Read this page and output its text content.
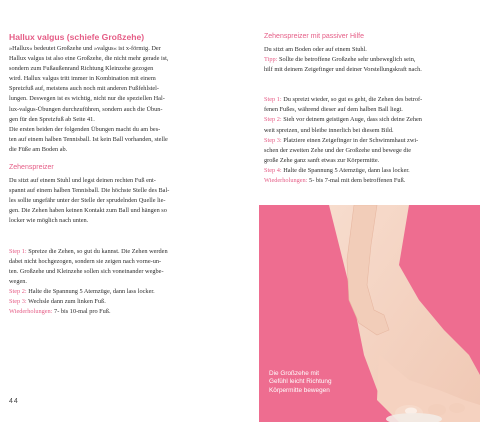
Hallux valgus (schiefe Großzehe)
»Hallux« bedeutet Großzehe und »valgus« ist x-förmig. Der
Hallux valgus ist also eine Großzehe, die nicht mehr gerade ist,
sondern zum Fußaußenrand Richtung Kleinzehe gezogen
wird. Hallux valgus tritt immer in Kombination mit einem
Spreizfuß auf, meistens auch noch mit anderen Fußfehlstel-
lungen. Deswegen ist es wichtig, nicht nur die speziellen Hal-
lux-valgus-Übungen durchzuführen, sondern auch die Übun-
gen für den Spreizfuß ab Seite 41.
Die ersten beiden der folgenden Übungen macht du am bes-
ten auf einem halben Tennisball. Ist kein Ball vorhanden, stelle
die Füße am Boden ab.
Zehenspreizer
Du sitzt auf einem Stuhl und legst deinen rechten Fuß ent-
spannt auf einem halben Tennisball. Die höchste Stelle des Bal-
les sollte ungefähr unter der Stelle der sprudelnden Quelle lie-
gen. Die Zehen haben keinen Kontakt zum Ball und hängen so
locker wie möglich nach unten.
Step 1: Spreize die Zehen, so gut du kannst. Die Zehen werden
dabei nicht hochgezogen, sondern sie zeigen nach vorne-un-
ten. Großzehe und Kleinzehe sollen sich voneinander wegbe-
wegen.
Step 2: Halte die Spannung 5 Atemzüge, dann lass locker.
Step 3: Wechsle dann zum linken Fuß.
Wiederholungen: 7- bis 10-mal pro Fuß.
44
Zehenspreizer mit passiver Hilfe
Du sitzt am Boden oder auf einem Stuhl.
Tipp: Sollte die betroffene Großzehe sehr unbeweglich sein,
hilf mit deinem Zeigefinger und deiner Vorstellungskraft nach.
Step 1: Du spreizt wieder, so gut es geht, die Zehen des betrof-
fenen Fußes, während dieser auf dem halben Ball liegt.
Step 2: Sieh vor deinem geistigen Auge, dass sich deine Zehen
weit spreizen, und bleibe innerlich bei diesem Bild.
Step 3: Platziere einen Zeigefinger in der Schwimmhaut zwi-
schen der zweiten Zehe und der Großzehe und bewege die
große Zehe ganz sanft etwas zur Körpermitte.
Step 4: Halte die Spannung 5 Atemzüge, dann lass locker.
Wiederholungen: 5- bis 7-mal mit dem betroffenen Fuß.
Die Großzehe mit
Gefühl leicht Richtung
Körpermitte bewegen
